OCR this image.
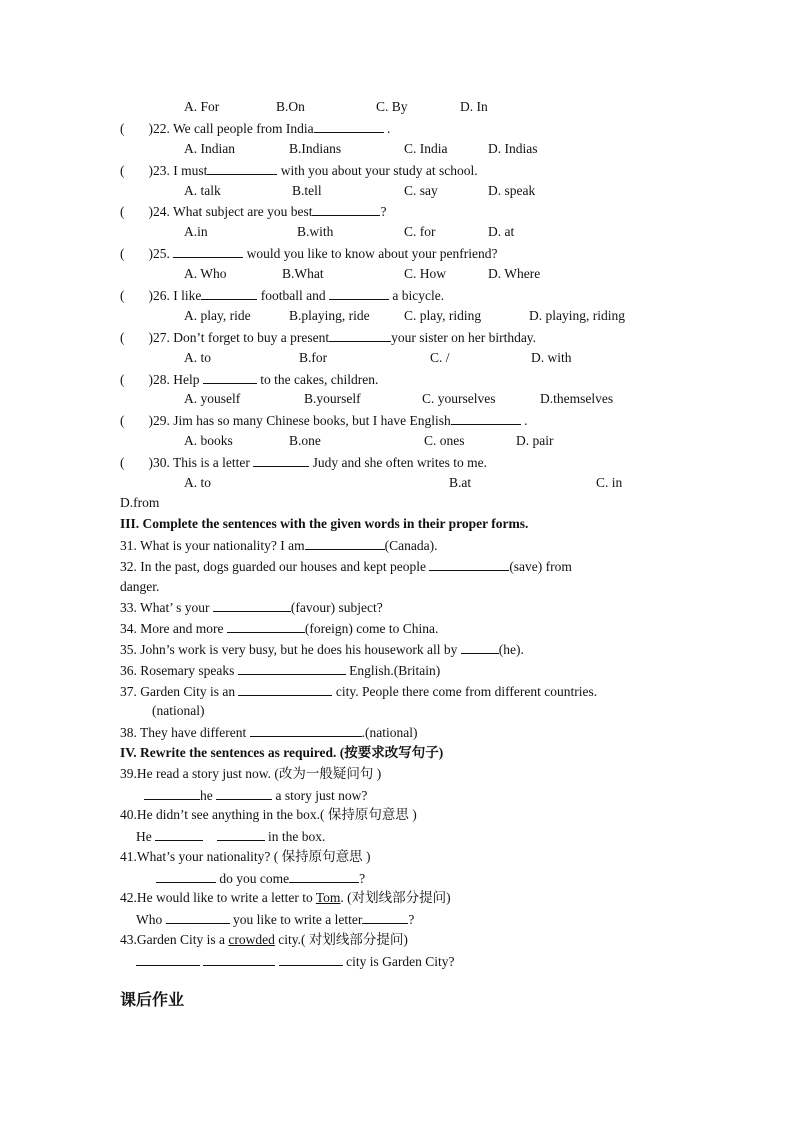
A. For	B.On	C. By	D. In
( )22. We call people from India	.
A. Indian	B.Indians	C. India	D. Indias
( )23. I must	with you about your study at school.
A. talk	B.tell	C. say	D. speak
( )24. What subject are you best	?
A.in	B.with	C. for	D. at
( )25.	would you like to know about your penfriend?
A. Who	B.What	C. How	D. Where
( )26. I like	football and	a bicycle.
A. play, ride	B.playing, ride	C. play, riding	D. playing, riding
( )27. Don’t forget to buy a present	your sister on her birthday.
A. to	B.for	C. /	D. with
( )28. Help	to the cakes, children.
A. youself	B.yourself	C. yourselves	D.themselves
( )29. Jim has so many Chinese books, but I have English	.
A. books	B.one	C. ones	D. pair
( )30. This is a letter	Judy and she often writes to me.
A. to	B.at	C. in
D.from
III. Complete the sentences with the given words in their proper forms.
31. What is your nationality? I am	(Canada).
32. In the past, dogs guarded our houses and kept people	(save) from
danger.
33. What’ s your	(favour) subject?
34. More and more	(foreign) come to China.
35. John’s work is very busy, but he does his housework all by	(he).
36. Rosemary speaks	English.(Britain)
37. Garden City is an	city. People there come from different countries.
(national)
38. They have different	.(national)
IV. Rewrite the sentences as required. (按要求改写句子)
39.He read a story just now. (改为一般疑问句 )
he	a story just now?
40.He didn’t see anything in the box.( 保持原句意思 )
He	in the box.
41.What’s your nationality? ( 保持原句意思 )
do you come	?
42.He would like to write a letter to Tom. (对划线部分提问)
Who	you like to write a letter	?
43.Garden City is a crowded city.( 对划线部分提问)
city is Garden City?
课后作业
